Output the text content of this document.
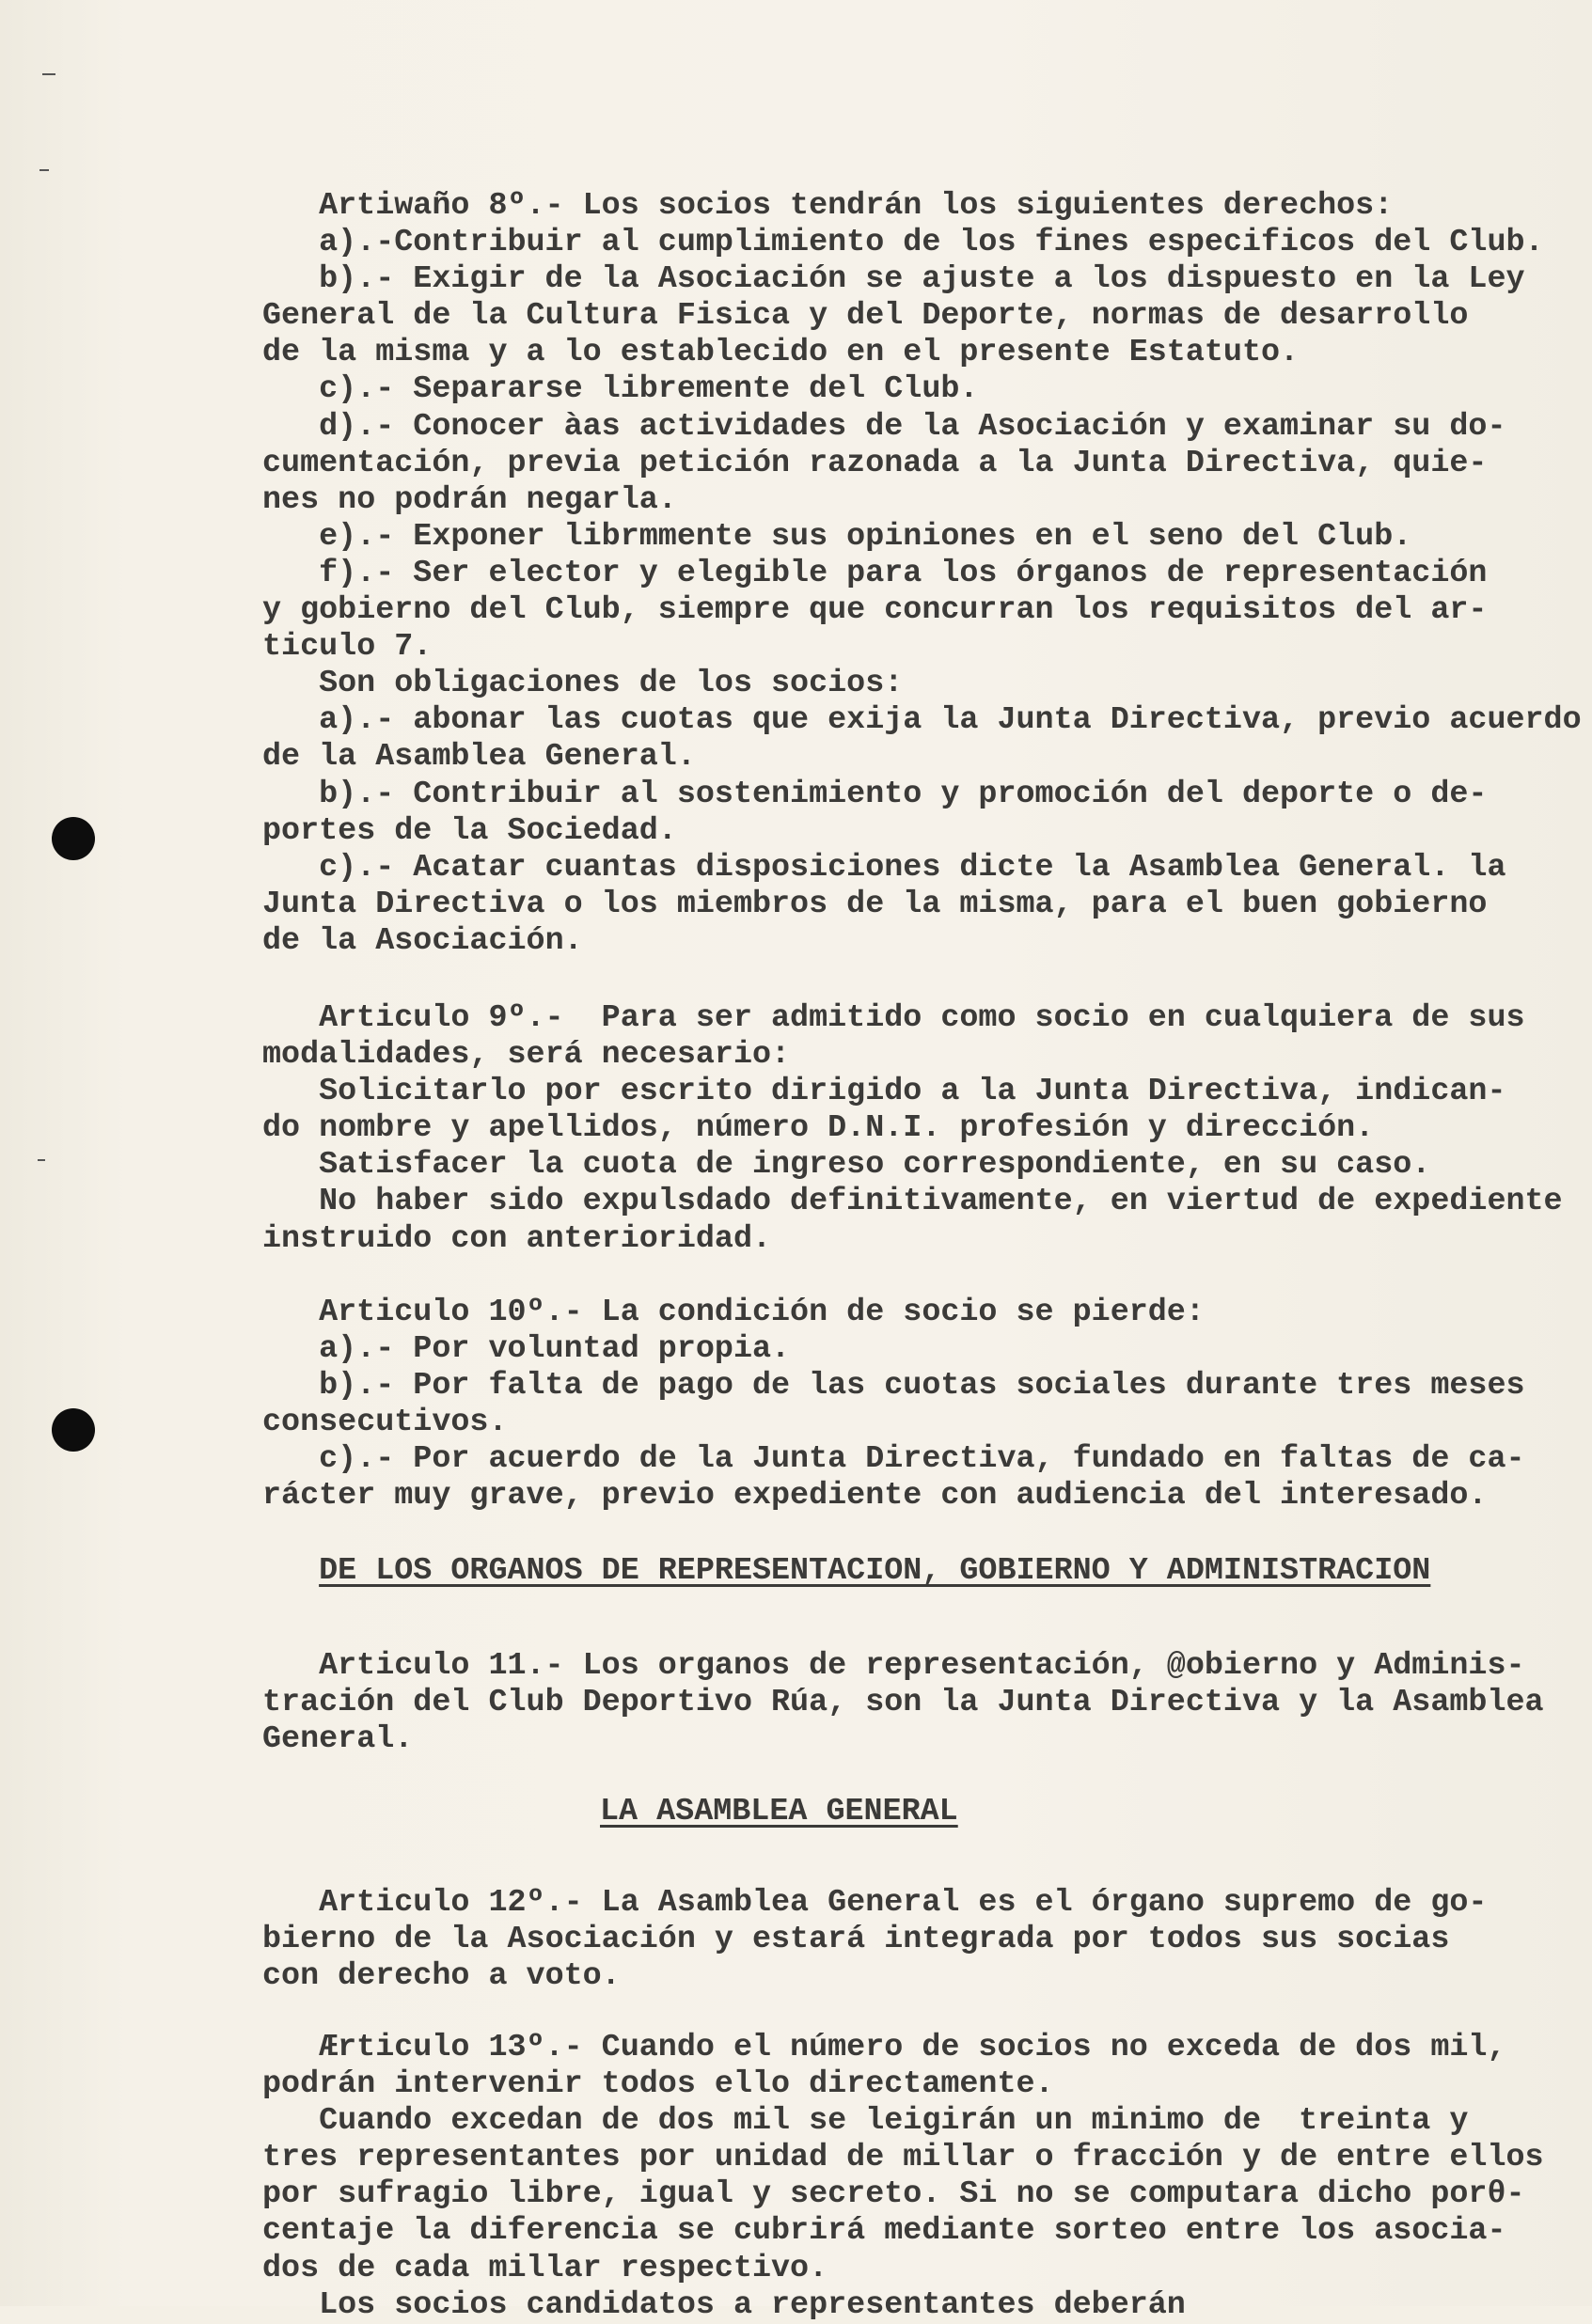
Artiwaño 8º.- Los socios tendrán los siguientes derechos:
a).-Contribuir al cumplimiento de los fines especificos del Club.
b).- Exigir de la Asociación se ajuste a los dispuesto en la Ley
General de la Cultura Fisica y del Deporte, normas de desarrollo
de la misma y a lo establecido en el presente Estatuto.
c).- Separarse libremente del Club.
d).- Conocer àas actividades de la Asociación y examinar su do-
cumentación, previa petición razonada a la Junta Directiva, quie-
nes no podrán negarla.
e).- Exponer librmmente sus opiniones en el seno del Club.
f).- Ser elector y elegible para los órganos de representación
y gobierno del Club, siempre que concurran los requisitos del ar-
ticulo 7.
Son obligaciones de los socios:
a).- abonar las cuotas que exija la Junta Directiva, previo acuerdo
de la Asamblea General.
b).- Contribuir al sostenimiento y promoción del deporte o de-
portes de la Sociedad.
c).- Acatar cuantas disposiciones dicte la Asamblea General. la
Junta Directiva o los miembros de la misma, para el buen gobierno
de la Asociación.
Articulo 9º.-  Para ser admitido como socio en cualquiera de sus
modalidades, será necesario:
Solicitarlo por escrito dirigido a la Junta Directiva, indican-
do nombre y apellidos, número D.N.I. profesión y dirección.
Satisfacer la cuota de ingreso correspondiente, en su caso.
No haber sido expulsdado definitivamente, en viertud de expediente
instruido con anterioridad.
Articulo 10º.- La condición de socio se pierde:
a).- Por voluntad propia.
b).- Por falta de pago de las cuotas sociales durante tres meses
consecutivos.
c).- Por acuerdo de la Junta Directiva, fundado en faltas de ca-
rácter muy grave, previo expediente con audiencia del interesado.
DE LOS ORGANOS DE REPRESENTACION, GOBIERNO Y ADMINISTRACION
Articulo 11.- Los organos de representación, @obierno y Adminis-
tración del Club Deportivo Rúa, son la Junta Directiva y la Asamblea
General.
LA ASAMBLEA GENERAL
Articulo 12º.- La Asamblea General es el órgano supremo de go-
bierno de la Asociación y estará integrada por todos sus socias
con derecho a voto.
Ærticulo 13º.- Cuando el número de socios no exceda de dos mil,
podrán intervenir todos ello directamente.
Cuando excedan de dos mil se leigirán un minimo de  treinta y
tres representantes por unidad de millar o fracción y de entre ellos
por sufragio libre, igual y secreto. Si no se computara dicho porθ-
centaje la diferencia se cubrirá mediante sorteo entre los asocia-
dos de cada millar respectivo.
Los socios candidatos a representantes deberán
